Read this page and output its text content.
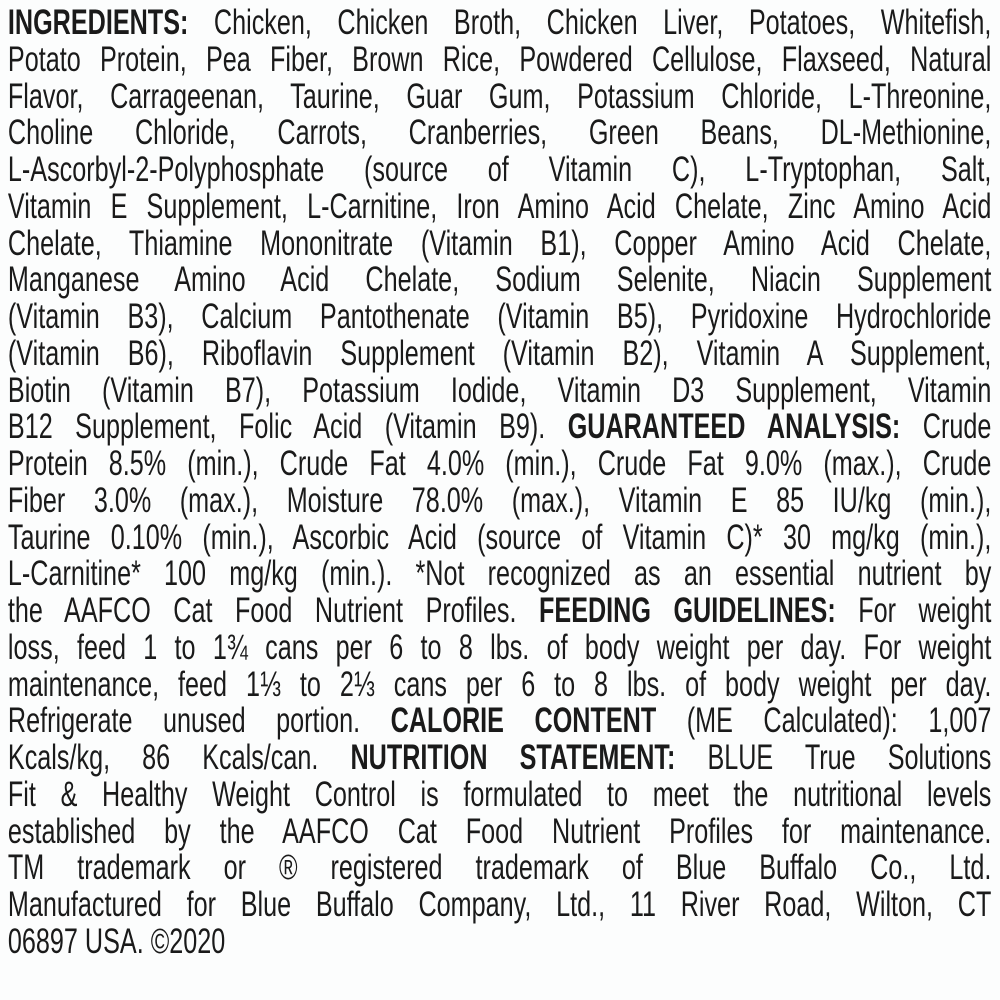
INGREDIENTS: Chicken, Chicken Broth, Chicken Liver, Potatoes, Whitefish,
Potato Protein, Pea Fiber, Brown Rice, Powdered Cellulose, Flaxseed, Natural
Flavor, Carrageenan, Taurine, Guar Gum, Potassium Chloride, L-Threonine,
Choline Chloride, Carrots, Cranberries, Green Beans, DL-Methionine,
L-Ascorbyl-2-Polyphosphate (source of Vitamin C), L-Tryptophan, Salt,
Vitamin E Supplement, L-Carnitine, Iron Amino Acid Chelate, Zinc Amino Acid
Chelate, Thiamine Mononitrate (Vitamin B1), Copper Amino Acid Chelate,
Manganese Amino Acid Chelate, Sodium Selenite, Niacin Supplement
(Vitamin B3), Calcium Pantothenate (Vitamin B5), Pyridoxine Hydrochloride
(Vitamin B6), Riboflavin Supplement (Vitamin B2), Vitamin A Supplement,
Biotin (Vitamin B7), Potassium Iodide, Vitamin D3 Supplement, Vitamin
B12 Supplement, Folic Acid (Vitamin B9). GUARANTEED ANALYSIS: Crude
Protein 8.5% (min.), Crude Fat 4.0% (min.), Crude Fat 9.0% (max.), Crude
Fiber 3.0% (max.), Moisture 78.0% (max.), Vitamin E 85 IU/kg (min.),
Taurine 0.10% (min.), Ascorbic Acid (source of Vitamin C)* 30 mg/kg (min.),
L-Carnitine* 100 mg/kg (min.). *Not recognized as an essential nutrient by
the AAFCO Cat Food Nutrient Profiles. FEEDING GUIDELINES: For weight
loss, feed 1 to 1¾ cans per 6 to 8 lbs. of body weight per day. For weight
maintenance, feed 1⅓ to 2⅓ cans per 6 to 8 lbs. of body weight per day.
Refrigerate unused portion. CALORIE CONTENT (ME Calculated): 1,007
Kcals/kg, 86 Kcals/can. NUTRITION STATEMENT: BLUE True Solutions
Fit & Healthy Weight Control is formulated to meet the nutritional levels
established by the AAFCO Cat Food Nutrient Profiles for maintenance.
TM trademark or ® registered trademark of Blue Buffalo Co., Ltd.
Manufactured for Blue Buffalo Company, Ltd., 11 River Road, Wilton, CT
06897 USA. ©2020
